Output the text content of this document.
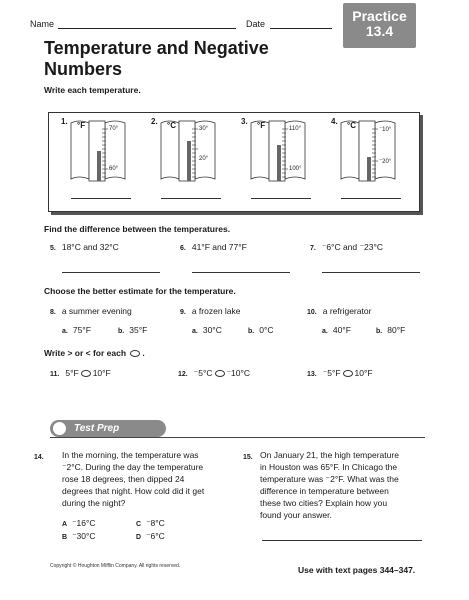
Name	Date	Practice
13.4
Temperature and Negative Numbers
Write each temperature.
1. °F	70°
60°
2. °C	30°
20°
3. °F	110°
100°
4. °C	⁻10°
⁻20°
Find the difference between the temperatures.
5. 18°C and 32°C	6. 41°F and 77°F	7. ⁻6°C and ⁻23°C
Choose the better estimate for the temperature.
8. a summer evening	9. a frozen lake	10. a refrigerator
a. 75°F	b. 35°F	a. 30°C	b. 0°C	a. 40°F	b. 80°F
Write > or < for each .
11. 5°F 10°F	12. ⁻5°C ⁻10°C	13. ⁻5°F 10°F
Test Prep
14. In the morning, the temperature was
⁻2°C. During the day the temperature
rose 18 degrees, then dipped 24
degrees that night. How cold did it get
during the night?
A ⁻16°C	C ⁻8°C
B ⁻30°C	D ⁻6°C
15. On January 21, the high temperature
in Houston was 65°F. In Chicago the
temperature was ⁻2°F. What was the
difference in temperature between
these two cities? Explain how you
found your answer.
Copyright © Houghton Mifflin Company. All rights reserved.	Use with text pages 344–347.
